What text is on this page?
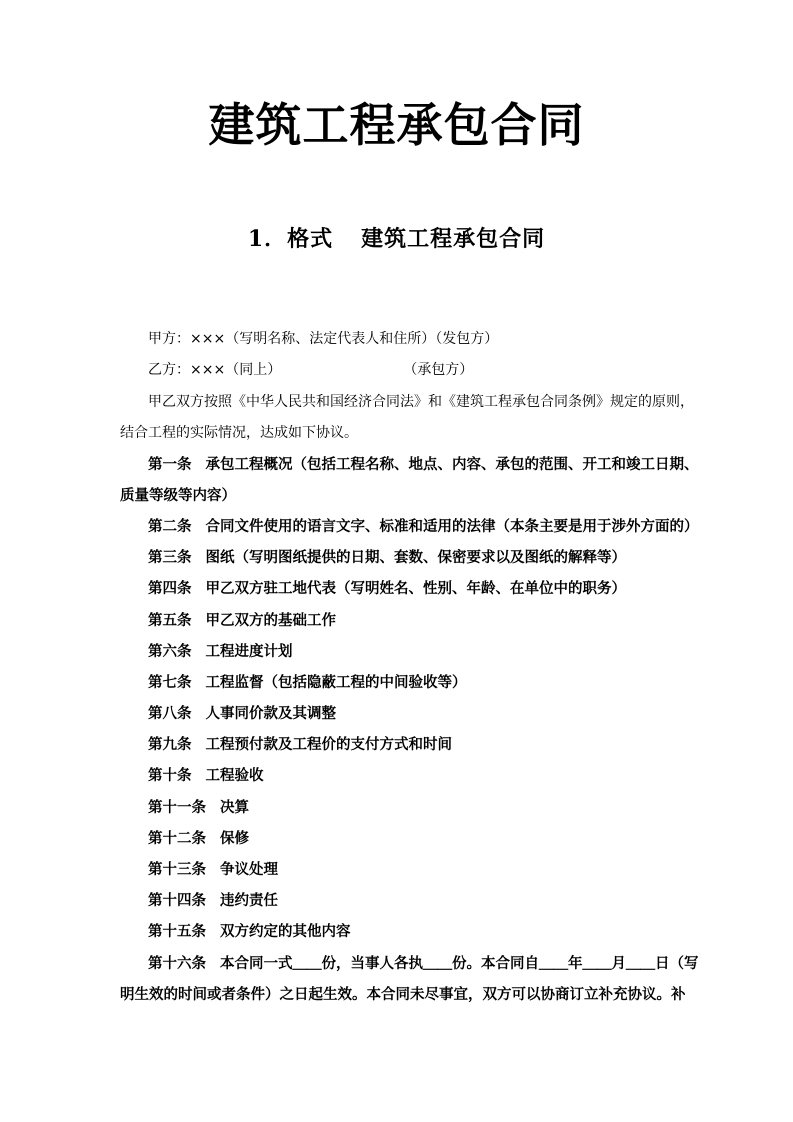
建筑工程承包合同
1．格式 建筑工程承包合同
甲方：×××（写明名称、法定代表人和住所）（发包方）
乙方：×××（同上）	（承包方）
甲乙双方按照《中华人民共和国经济合同法》和《建筑工程承包合同条例》规定的原则，
结合工程的实际情况，达成如下协议。
第一条 承包工程概况（包括工程名称、地点、内容、承包的范围、开工和竣工日期、
质量等级等内容）
第二条 合同文件使用的语言文字、标准和适用的法律（本条主要是用于涉外方面的）
第三条 图纸（写明图纸提供的日期、套数、保密要求以及图纸的解释等）
第四条 甲乙双方驻工地代表（写明姓名、性别、年龄、在单位中的职务）
第五条 甲乙双方的基础工作
第六条 工程进度计划
第七条 工程监督（包括隐蔽工程的中间验收等）
第八条 人事同价款及其调整
第九条 工程预付款及工程价的支付方式和时间
第十条 工程验收
第十一条 决算
第十二条 保修
第十三条 争议处理
第十四条 违约责任
第十五条 双方约定的其他内容
第十六条 本合同一式＿＿份，当事人各执＿＿份。本合同自＿＿年＿＿月＿＿日（写
明生效的时间或者条件）之日起生效。本合同未尽事宜，双方可以协商订立补充协议。补
